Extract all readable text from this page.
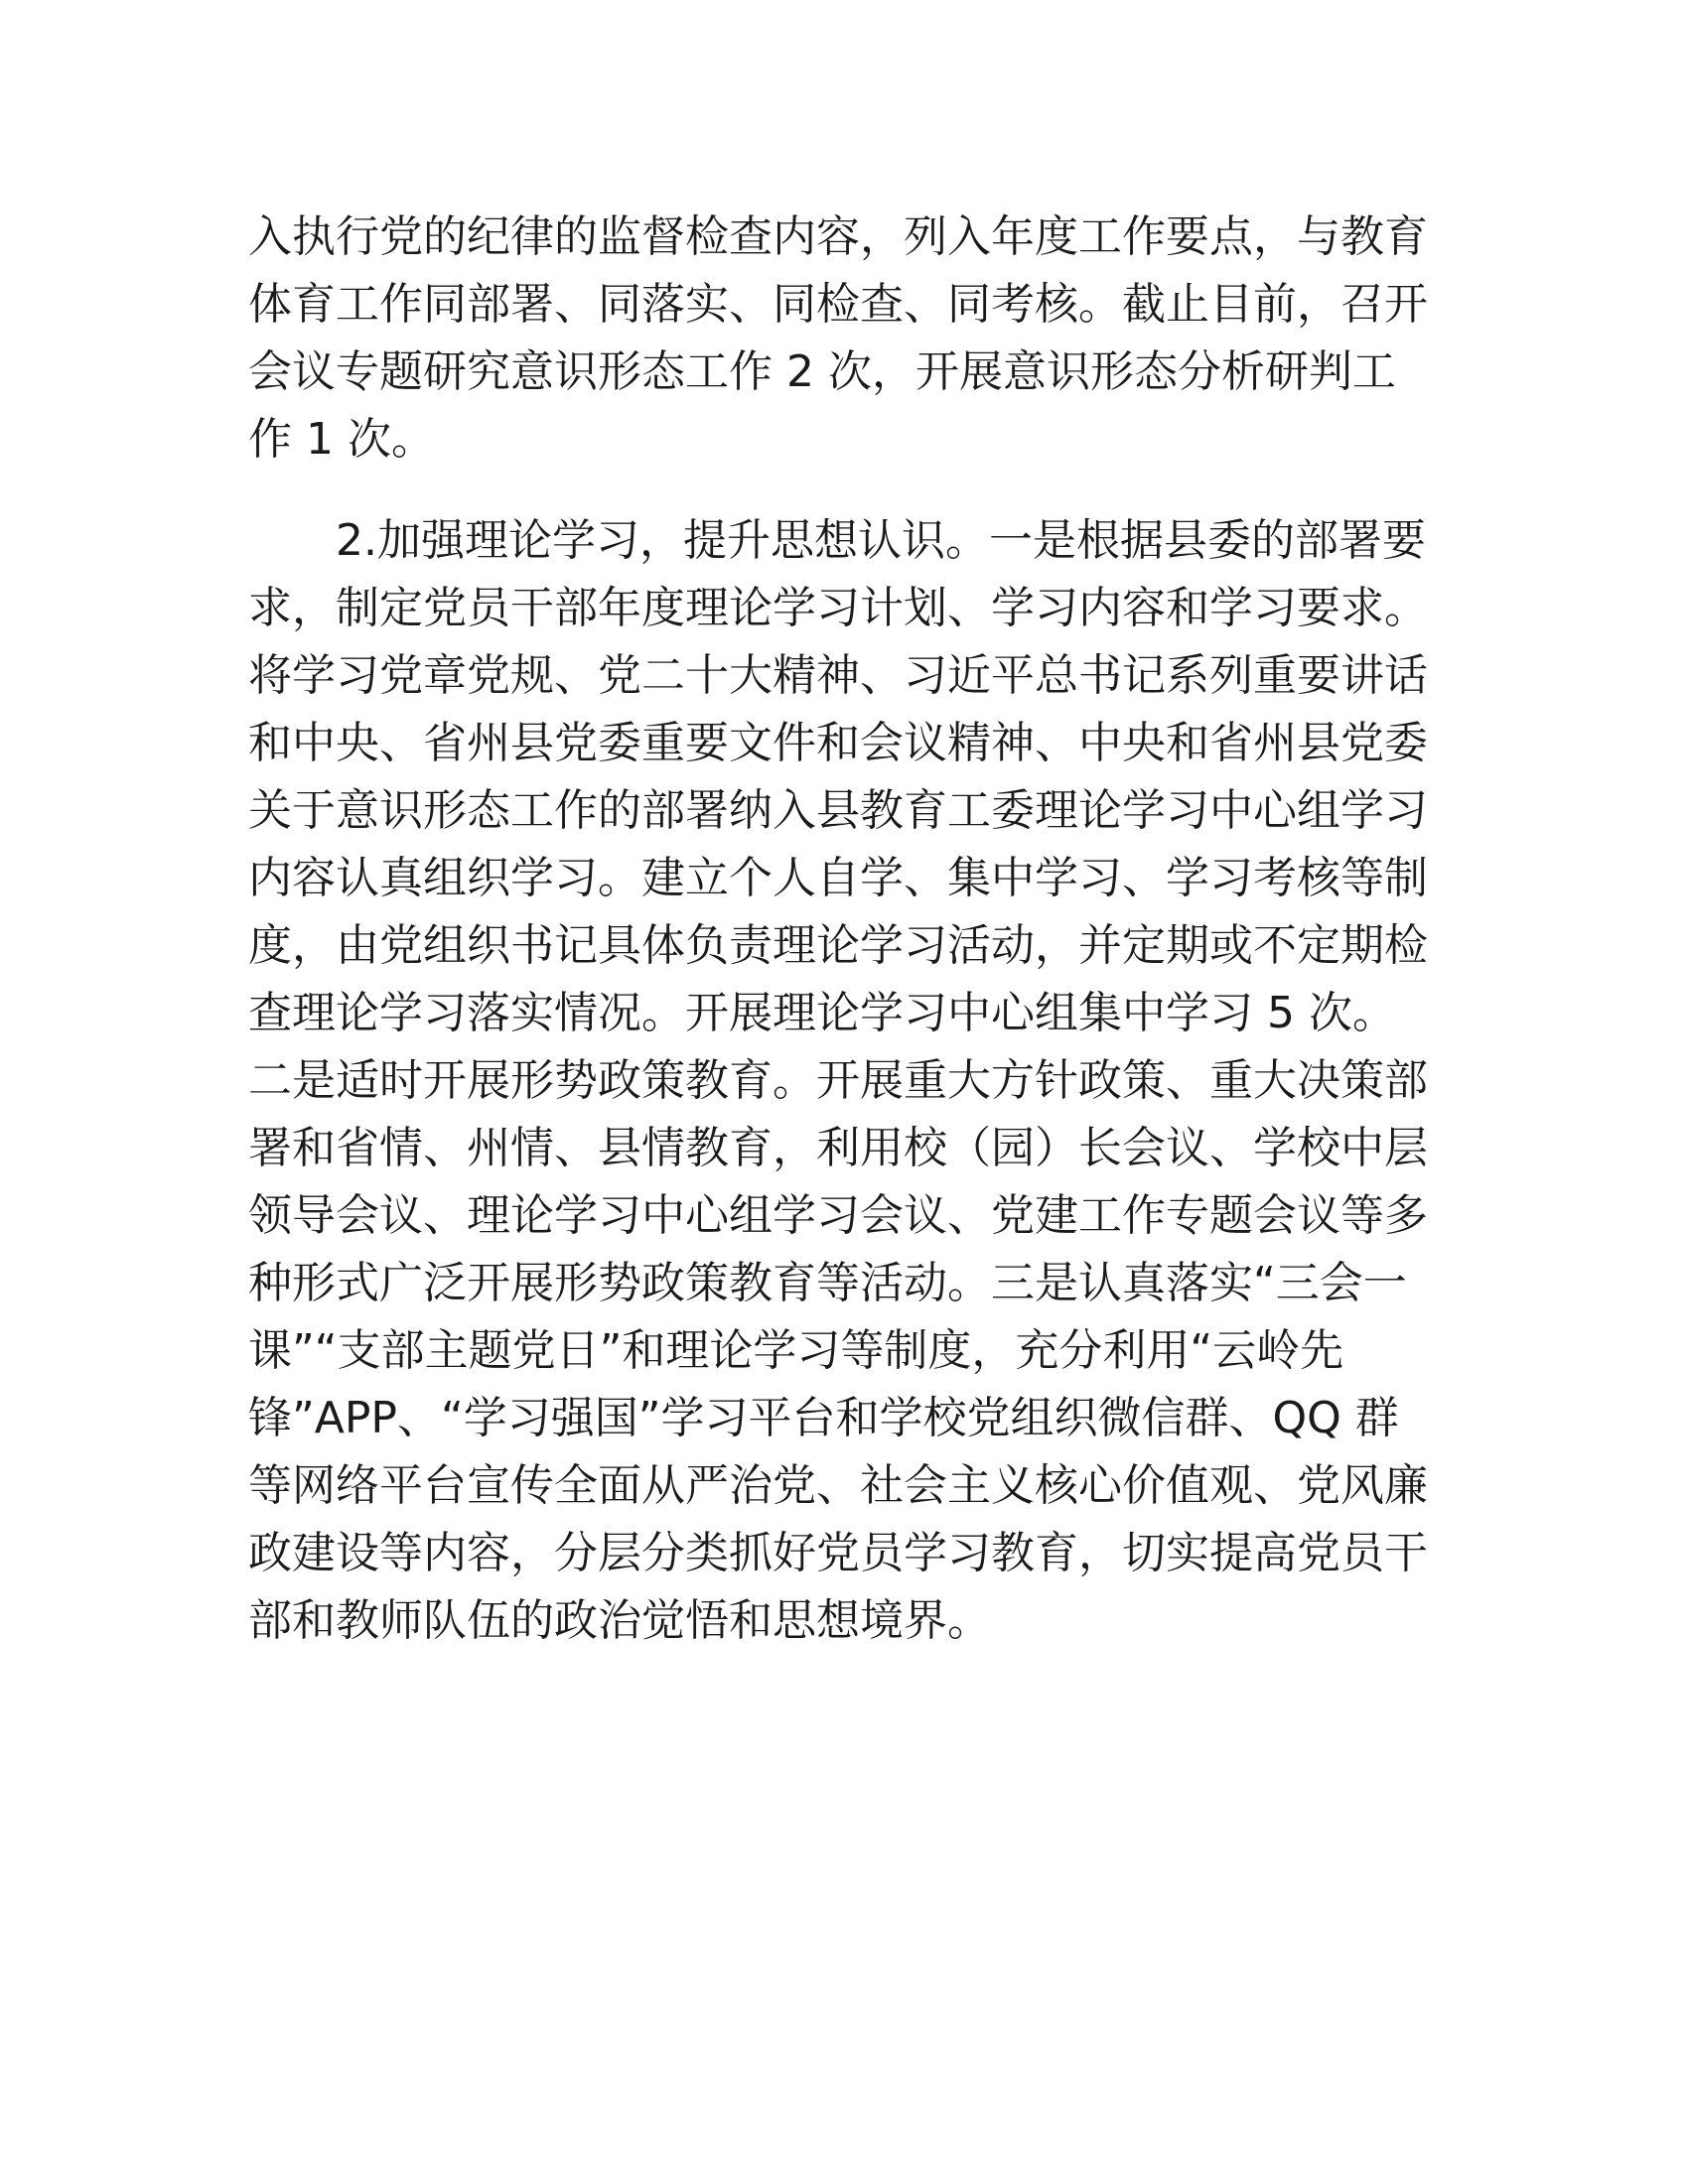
入执行党的纪律的监督检查内容，列入年度工作要点，与教育
体育工作同部署、同落实、同检查、同考核。截止目前，召开
会议专题研究意识形态工作 2 次，开展意识形态分析研判工
作 1 次。
2.加强理论学习，提升思想认识。一是根据县委的部署要
求，制定党员干部年度理论学习计划、学习内容和学习要求。
将学习党章党规、党二十大精神、习近平总书记系列重要讲话
和中央、省州县党委重要文件和会议精神、中央和省州县党委
关于意识形态工作的部署纳入县教育工委理论学习中心组学习
内容认真组织学习。建立个人自学、集中学习、学习考核等制
度，由党组织书记具体负责理论学习活动，并定期或不定期检
查理论学习落实情况。开展理论学习中心组集中学习 5 次。
二是适时开展形势政策教育。开展重大方针政策、重大决策部
署和省情、州情、县情教育，利用校（园）长会议、学校中层
领导会议、理论学习中心组学习会议、党建工作专题会议等多
种形式广泛开展形势政策教育等活动。三是认真落实“三会一
课”“支部主题党日”和理论学习等制度，充分利用“云岭先
锋”APP、“学习强国”学习平台和学校党组织微信群、QQ 群
等网络平台宣传全面从严治党、社会主义核心价值观、党风廉
政建设等内容，分层分类抓好党员学习教育，切实提高党员干
部和教师队伍的政治觉悟和思想境界。
